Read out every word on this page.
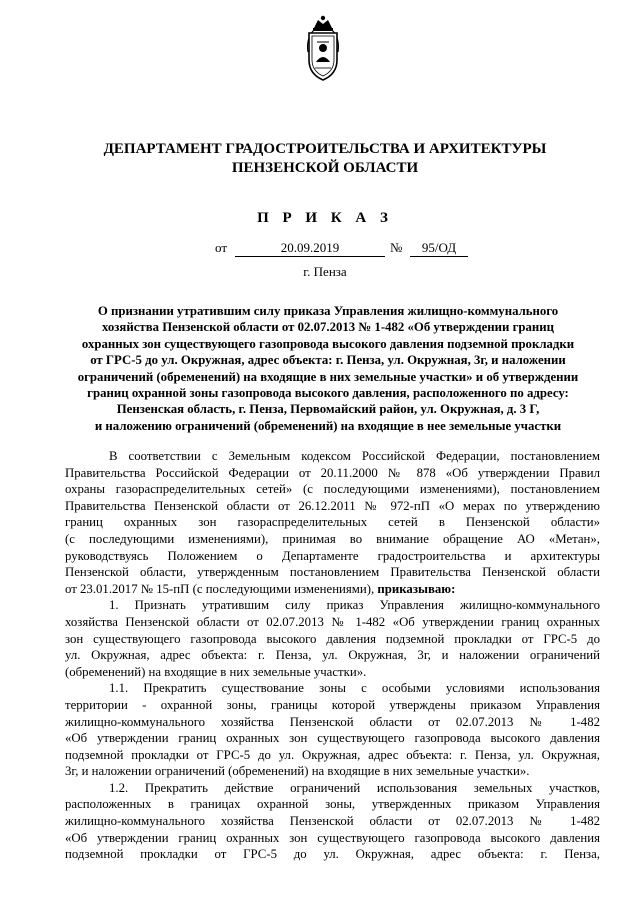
ДЕПАРТАМЕНТ ГРАДОСТРОИТЕЛЬСТВА И АРХИТЕКТУРЫ
ПЕНЗЕНСКОЙ ОБЛАСТИ
П Р И К А З
от	20.09.2019	№	95/ОД
г. Пенза
О признании утратившим силу приказа Управления жилищно-коммунального
хозяйства Пензенской области от 02.07.2013 № 1-482 «Об утверждении границ
охранных зон существующего газопровода высокого давления подземной прокладки
от ГРС-5 до ул. Окружная, адрес объекта: г. Пенза, ул. Окружная, 3г, и наложении
ограничений (обременений) на входящие в них земельные участки» и об утверждении
границ охранной зоны газопровода высокого давления, расположенного по адресу:
Пензенская область, г. Пенза, Первомайский район, ул. Окружная, д. 3 Г,
и наложению ограничений (обременений) на входящие в нее земельные участки
В соответствии с Земельным кодексом Российской Федерации, постановлением
Правительства Российской Федерации от 20.11.2000 № 878 «Об утверждении Правил
охраны газораспределительных сетей» (с последующими изменениями), постановлением
Правительства Пензенской области от 26.12.2011 № 972-пП «О мерах по утверждению
границ охранных зон газораспределительных сетей в Пензенской области»
(с последующими изменениями), принимая во внимание обращение АО «Метан»,
руководствуясь Положением о Департаменте градостроительства и архитектуры
Пензенской области, утвержденным постановлением Правительства Пензенской области
от 23.01.2017 № 15-пП (с последующими изменениями), приказываю:
1. Признать утратившим силу приказ Управления жилищно-коммунального
хозяйства Пензенской области от 02.07.2013 № 1-482 «Об утверждении границ охранных
зон существующего газопровода высокого давления подземной прокладки от ГРС-5 до
ул. Окружная, адрес объекта: г. Пенза, ул. Окружная, 3г, и наложении ограничений
(обременений) на входящие в них земельные участки».
1.1. Прекратить существование зоны с особыми условиями использования
территории - охранной зоны, границы которой утверждены приказом Управления
жилищно-коммунального хозяйства Пензенской области от 02.07.2013 № 1-482
«Об утверждении границ охранных зон существующего газопровода высокого давления
подземной прокладки от ГРС-5 до ул. Окружная, адрес объекта: г. Пенза, ул. Окружная,
3г, и наложении ограничений (обременений) на входящие в них земельные участки».
1.2. Прекратить действие ограничений использования земельных участков,
расположенных в границах охранной зоны, утвержденных приказом Управления
жилищно-коммунального хозяйства Пензенской области от 02.07.2013 № 1-482
«Об утверждении границ охранных зон существующего газопровода высокого давления
подземной прокладки от ГРС-5 до ул. Окружная, адрес объекта: г. Пенза,
